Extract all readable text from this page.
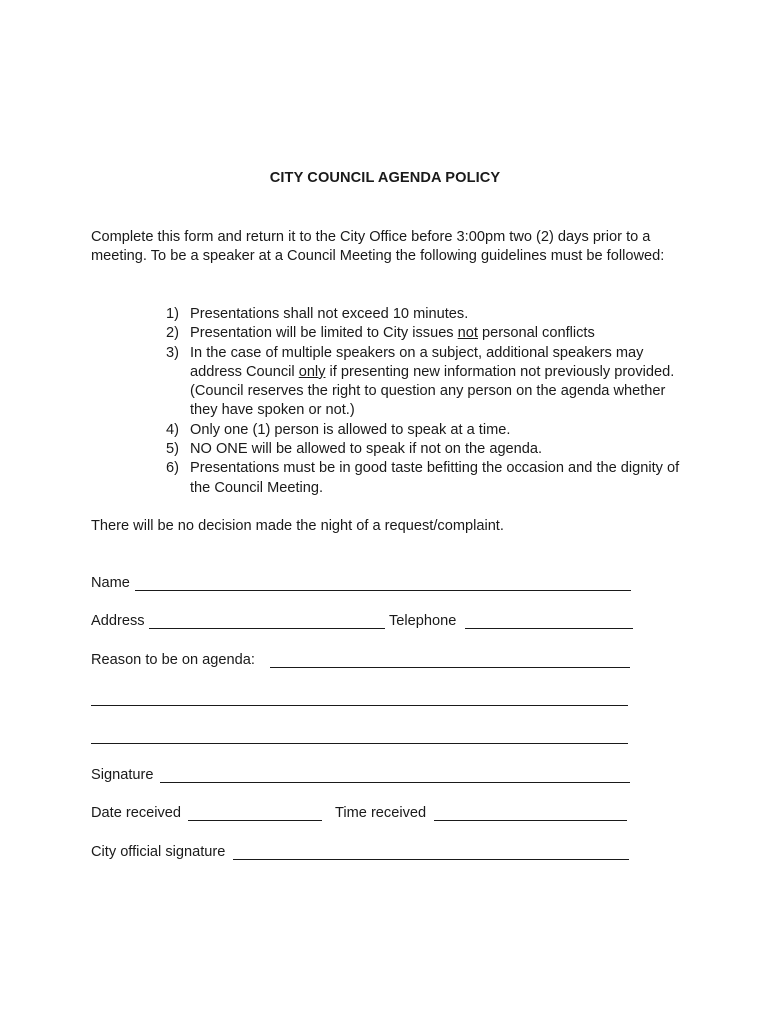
CITY COUNCIL AGENDA POLICY
Complete this form and return it to the City Office before 3:00pm two (2) days prior to a meeting. To be a speaker at a Council Meeting the following guidelines must be followed:
1) Presentations shall not exceed 10 minutes.
2) Presentation will be limited to City issues not personal conflicts
3) In the case of multiple speakers on a subject, additional speakers may address Council only if presenting new information not previously provided. (Council reserves the right to question any person on the agenda whether they have spoken or not.)
4) Only one (1) person is allowed to speak at a time.
5) NO ONE will be allowed to speak if not on the agenda.
6) Presentations must be in good taste befitting the occasion and the dignity of the Council Meeting.
There will be no decision made the night of a request/complaint.
Name
Address	Telephone
Reason to be on agenda:
Signature
Date received	Time received
City official signature
